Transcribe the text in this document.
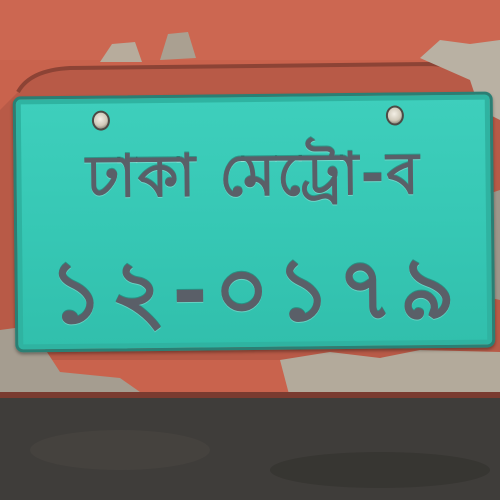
ঢাকা মেট্রো-ব
১২-০১৭৯
